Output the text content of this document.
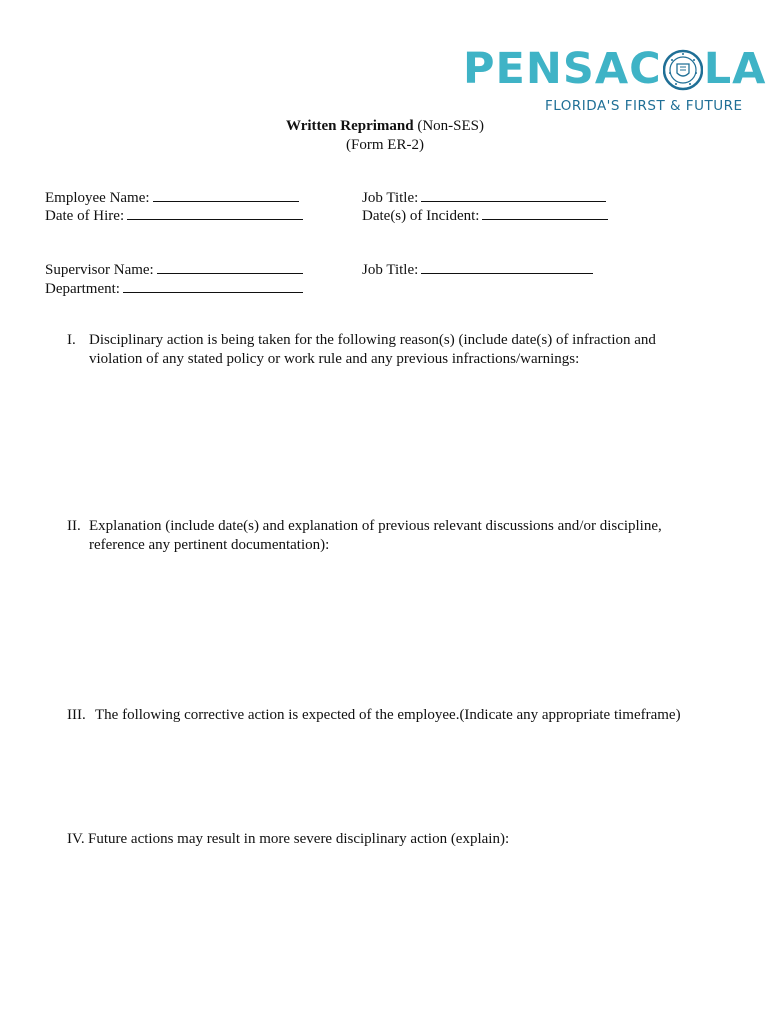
PENSAC LA
FLORIDA'S FIRST & FUTURE
Written Reprimand (Non-SES)
(Form ER-2)
Employee Name:
Date of Hire:
Job Title:
Date(s) of Incident:
Supervisor Name:
Department:
Job Title:
I. Disciplinary action is being taken for the following reason(s) (include date(s) of infraction and
violation of any stated policy or work rule and any previous infractions/warnings:
II. Explanation (include date(s) and explanation of previous relevant discussions and/or discipline,
reference any pertinent documentation):
III. The following corrective action is expected of the employee.(Indicate any appropriate timeframe)
IV. Future actions may result in more severe disciplinary action (explain):
